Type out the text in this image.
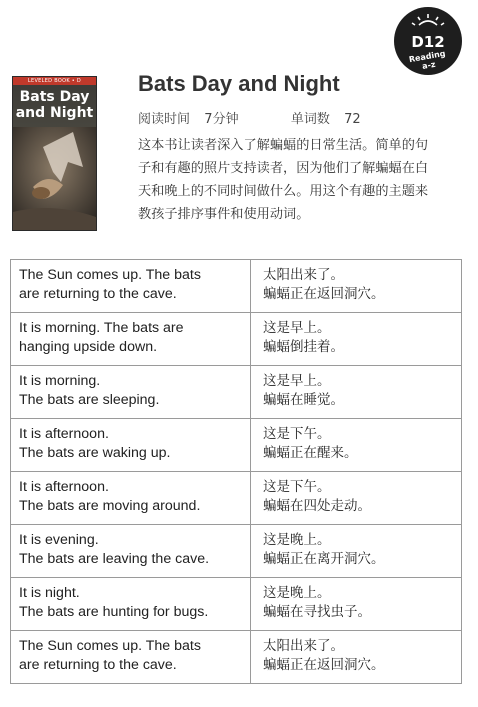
LEVELED BOOK • D
Bats Day
and Night
D12
Reading
a-z
Bats Day and Night
阅读时间 7分钟	单词数 72
这本书让读者深入了解蝙蝠的日常生活。简单的句子和有趣的照片支持读者，因为他们了解蝙蝠在白天和晚上的不同时间做什么。用这个有趣的主题来教孩子排序事件和使用动词。
The Sun comes up. The bats
are returning to the cave.	太阳出来了。
蝙蝠正在返回洞穴。
It is morning. The bats are
hanging upside down.	这是早上。
蝙蝠倒挂着。
It is morning.
The bats are sleeping.	这是早上。
蝙蝠在睡觉。
It is afternoon.
The bats are waking up.	这是下午。
蝙蝠正在醒来。
It is afternoon.
The bats are moving around.	这是下午。
蝙蝠在四处走动。
It is evening.
The bats are leaving the cave.	这是晚上。
蝙蝠正在离开洞穴。
It is night.
The bats are hunting for bugs.	这是晚上。
蝙蝠在寻找虫子。
The Sun comes up. The bats
are returning to the cave.	太阳出来了。
蝙蝠正在返回洞穴。
